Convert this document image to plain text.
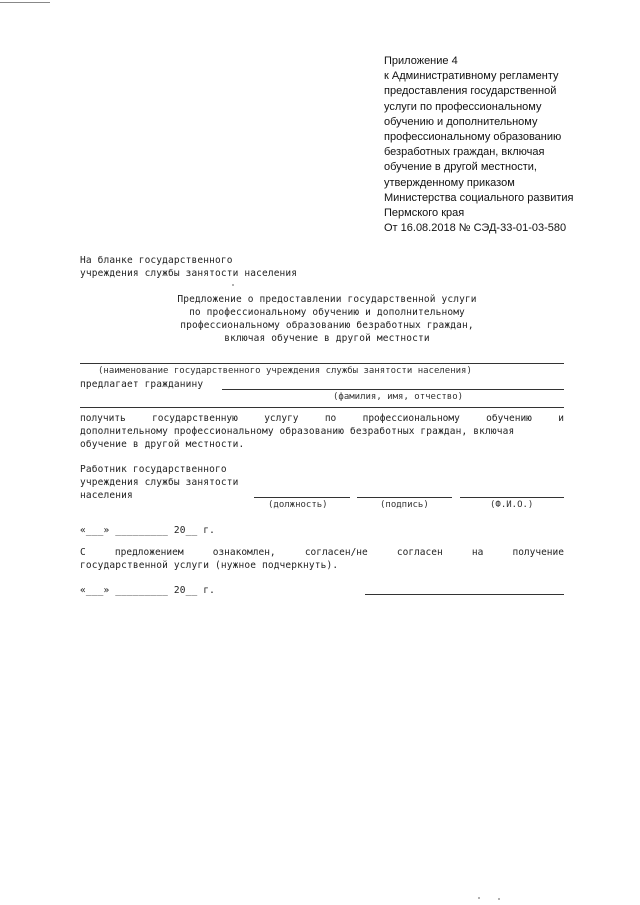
Приложение 4
к Административному регламенту
предоставления государственной
услуги по профессиональному
обучению и дополнительному
профессиональному образованию
безработных граждан, включая
обучение в другой местности,
утвержденному приказом
Министерства социального развития
Пермского края
От 16.08.2018 № СЭД-33-01-03-580
На бланке государственного
учреждения службы занятости населения
Предложение о предоставлении государственной услуги
по профессиональному обучению и дополнительному
профессиональному образованию безработных граждан,
включая обучение в другой местности
(наименование государственного учреждения службы занятости населения)
предлагает гражданину
(фамилия, имя, отчество)
получить	государственную	услугу	по	профессиональному	обучению	и
дополнительному профессиональному образованию безработных граждан, включая
обучение в другой местности.
Работник государственного
учреждения службы занятости
населения
(должность)	(подпись)	(Ф.И.О.)
«___» _________ 20__ г.
С	предложением	ознакомлен,	согласен/не	согласен	на	получение
государственной услуги (нужное подчеркнуть).
«___» _________ 20__ г.
